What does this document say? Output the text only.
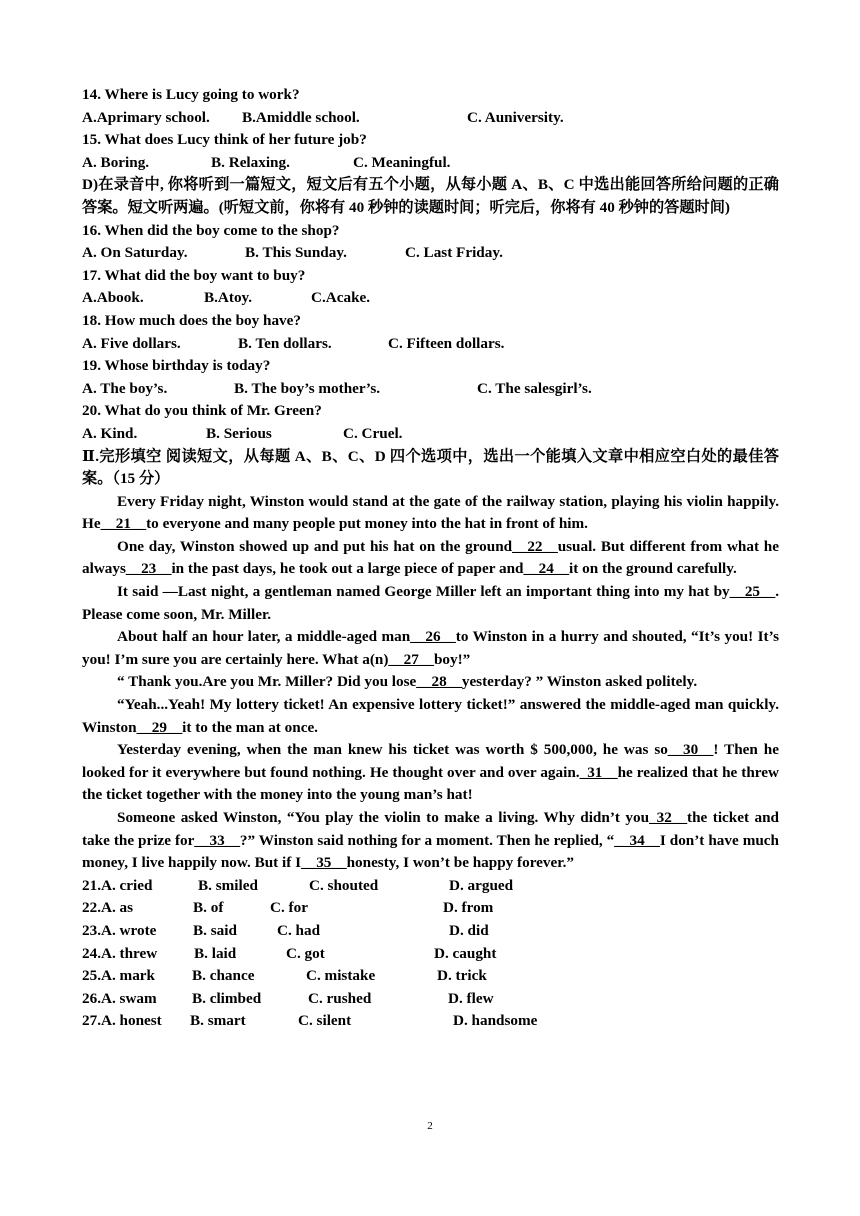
14. Where is Lucy going to work?
A.Aprimary school. B.Amiddle school.	C. Auniversity.
15. What does Lucy think of her future job?
A. Boring.	B. Relaxing.	C. Meaningful.
D)在录音中, 你将听到一篇短文，短文后有五个小题，从每小题 A、B、C 中选出能回答所给问题的正确答案。短文听两遍。(听短文前，你将有 40 秒钟的读题时间；听完后，你将有 40 秒钟的答题时间)
16. When did the boy come to the shop?
A. On Saturday.	B. This Sunday.	C. Last Friday.
17. What did the boy want to buy?
A.Abook.	B.Atoy.	C.Acake.
18. How much does the boy have?
A. Five dollars.	B. Ten dollars.	C. Fifteen dollars.
19. Whose birthday is today?
A. The boy’s.	B. The boy’s mother’s.	C. The salesgirl’s.
20. What do you think of Mr. Green?
A. Kind.	B. Serious	C. Cruel.
Ⅱ.完形填空 阅读短文，从每题 A、B、C、D 四个选项中，选出一个能填入文章中相应空白处的最佳答案。（15 分）
Every Friday night, Winston would stand at the gate of the railway station, playing his violin happily. He__21__to everyone and many people put money into the hat in front of him.
One day, Winston showed up and put his hat on the ground__22__usual. But different from what he always__23__in the past days, he took out a large piece of paper and__24__it on the ground carefully.
It said —Last night, a gentleman named George Miller left an important thing into my hat by__25__. Please come soon, Mr. Miller.
About half an hour later, a middle-aged man__26__to Winston in a hurry and shouted, “It’s you! It’s you! I’m sure you are certainly here. What a(n)__27__boy!”
“ Thank you.Are you Mr. Miller? Did you lose__28__yesterday? ” Winston asked politely.
“Yeah...Yeah! My lottery ticket! An expensive lottery ticket!” answered the middle-aged man quickly. Winston__29__it to the man at once.
Yesterday evening, when the man knew his ticket was worth $ 500,000, he was so__30__! Then he looked for it everywhere but found nothing. He thought over and over again._31__he realized that he threw the ticket together with the money into the young man’s hat!
Someone asked Winston, “You play the violin to make a living. Why didn’t you_32__the ticket and take the prize for__33__?” Winston said nothing for a moment. Then he replied, “__34__I don’t have much money, I live happily now. But if I__35__honesty, I won’t be happy forever.”
21.A. cried	B. smiled	C. shouted	D. argued
22.A. as	B. of	C. for	D. from
23.A. wrote B. said	C. had	D. did
24.A. threw B. laid	C. got	D. caught
25.A. mark B. chance	C. mistake	D. trick
26.A. swam B. climbed	C. rushed	D. flew
27.A. honest B. smart	C. silent	D. handsome
2
